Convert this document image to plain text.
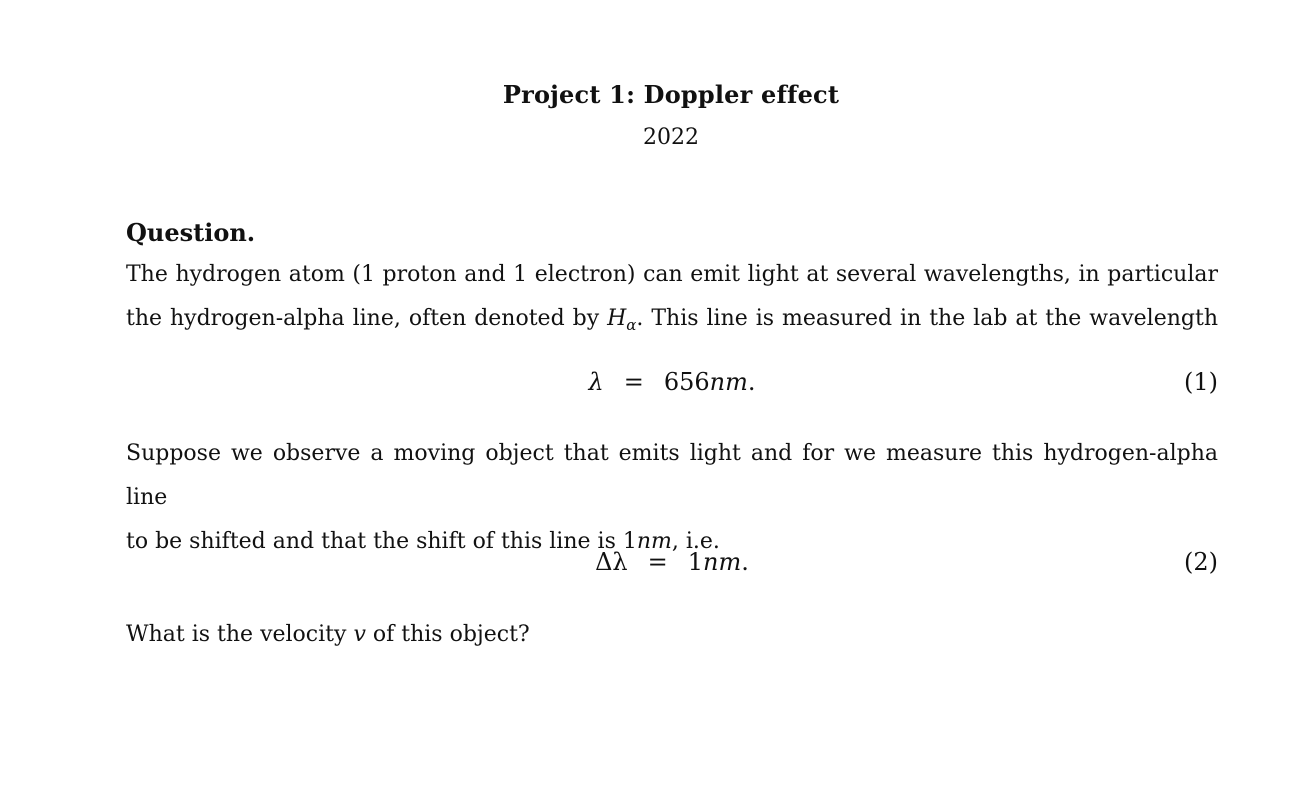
Project 1: Doppler effect
2022
Question.
The hydrogen atom (1 proton and 1 electron) can emit light at several wavelengths, in particular
the hydrogen-alpha line, often denoted by $H_\alpha$. This line is measured in the lab at the wavelength
λ = 656nm.	(1)
Suppose we observe a moving object that emits light and for we measure this hydrogen-alpha line
to be shifted and that the shift of this line is 1nm, i.e.
Δλ = 1nm.	(2)
What is the velocity v of this object?
